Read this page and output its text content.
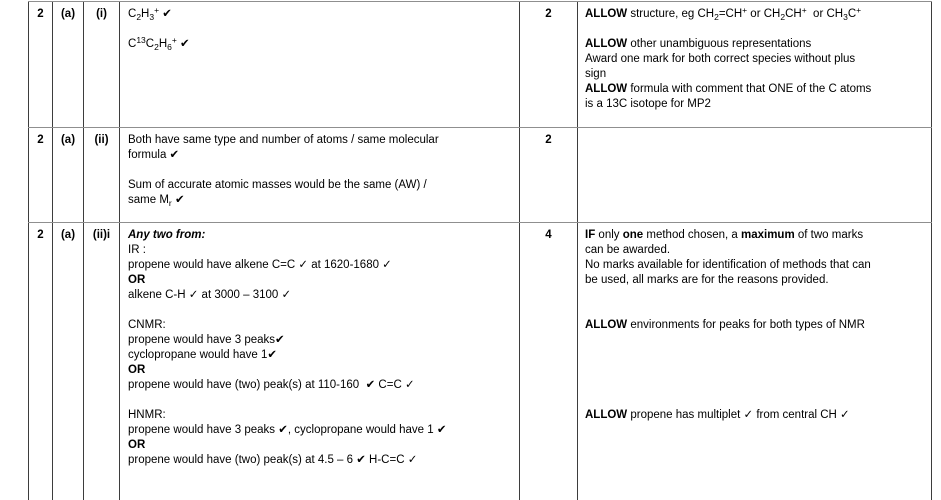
2	(a)	(i)	$C_2H_3^+$ ✔

$C^{13}C_2H_6^+$ ✔
2	ALLOW structure, eg $CH_2=CH^+$ or $CH_2CH^+$  or $CH_3C^+$

ALLOW other unambiguous representations
Award one mark for both correct species without plus
sign
ALLOW formula with comment that ONE of the C atoms
is a 13C isotope for MP2
2	(a)	(ii)	Both have same type and number of atoms / same molecular
formula ✔

Sum of accurate atomic masses would be the same (AW) /
same $M_r$ ✔
2
2	(a)	(ii)i	Any two from:
IR :
propene would have alkene C=C ✓ at 1620-1680 ✓
OR
alkene C-H ✓ at 3000 – 3100 ✓

CNMR:
propene would have 3 peaks✔
cyclopropane would have 1✔
OR
propene would have (two) peak(s) at 110-160  ✔ C=C ✓

HNMR:
propene would have 3 peaks ✔, cyclopropane would have 1 ✔
OR
propene would have (two) peak(s) at 4.5 – 6 ✔ H-C=C ✓
4	IF only one method chosen, a maximum of two marks
can be awarded.
No marks available for identification of methods that can
be used, all marks are for the reasons provided.

ALLOW environments for peaks for both types of NMR

ALLOW propene has multiplet ✓ from central CH ✓
